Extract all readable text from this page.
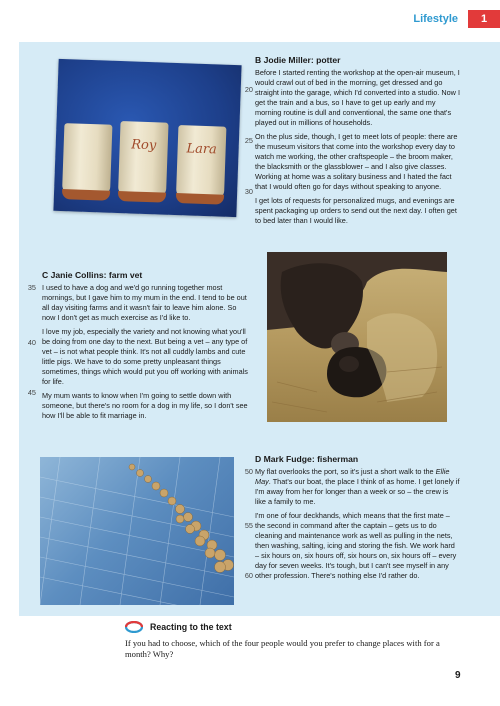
Lifestyle	1
Roy	Lara
B Jodie Miller: potter

Before I started renting the workshop at the open-air museum, I would crawl out of bed in the morning, get dressed and go straight into the garage, which I'd converted into a studio. Now I get the train and a bus, so I have to get up early and my morning routine is dull and conventional, the same one that's played out in millions of households.

On the plus side, though, I get to meet lots of people: there are the museum visitors that come into the workshop every day to watch me working, the other craftspeople – the broom maker, the blacksmith or the glassblower – and I also give classes. Working at home was a solitary business and I hated the fact that I would often go for days without speaking to anyone.

I get lots of requests for personalized mugs, and evenings are spent packaging up orders to send out the next day. I often get to bed later than I would like.

20
25
30
C Janie Collins: farm vet

I used to have a dog and we'd go running together most mornings, but I gave him to my mum in the end. I tend to be out all day visiting farms and it wasn't fair to leave him alone. So now I don't get as much exercise as I'd like to.

I love my job, especially the variety and not knowing what you'll be doing from one day to the next. But being a vet – any type of vet – is not what people think. It's not all cuddly lambs and cute little pigs. We have to do some pretty unpleasant things sometimes, things which would put you off working with animals for life.

My mum wants to know when I'm going to settle down with someone, but there's no room for a dog in my life, so I don't see how I'll be able to fit marriage in.

35
40
45
D Mark Fudge: fisherman

My flat overlooks the port, so it's just a short walk to the Ellie May. That's our boat, the place I think of as home. I get lonely if I'm away from her for longer than a week or so – the crew is like a family to me.

I'm one of four deckhands, which means that the first mate – the second in command after the captain – gets us to do cleaning and maintenance work as well as pulling in the nets, then washing, salting, icing and storing the fish. We work hard – six hours on, six hours off, six hours on, six hours off – every day for seven weeks. It's tough, but I can't see myself in any other profession. There's nothing else I'd rather do.

50
55
60
Reacting to the text
If you had to choose, which of the four people would you prefer to change places with for a month? Why?
9
